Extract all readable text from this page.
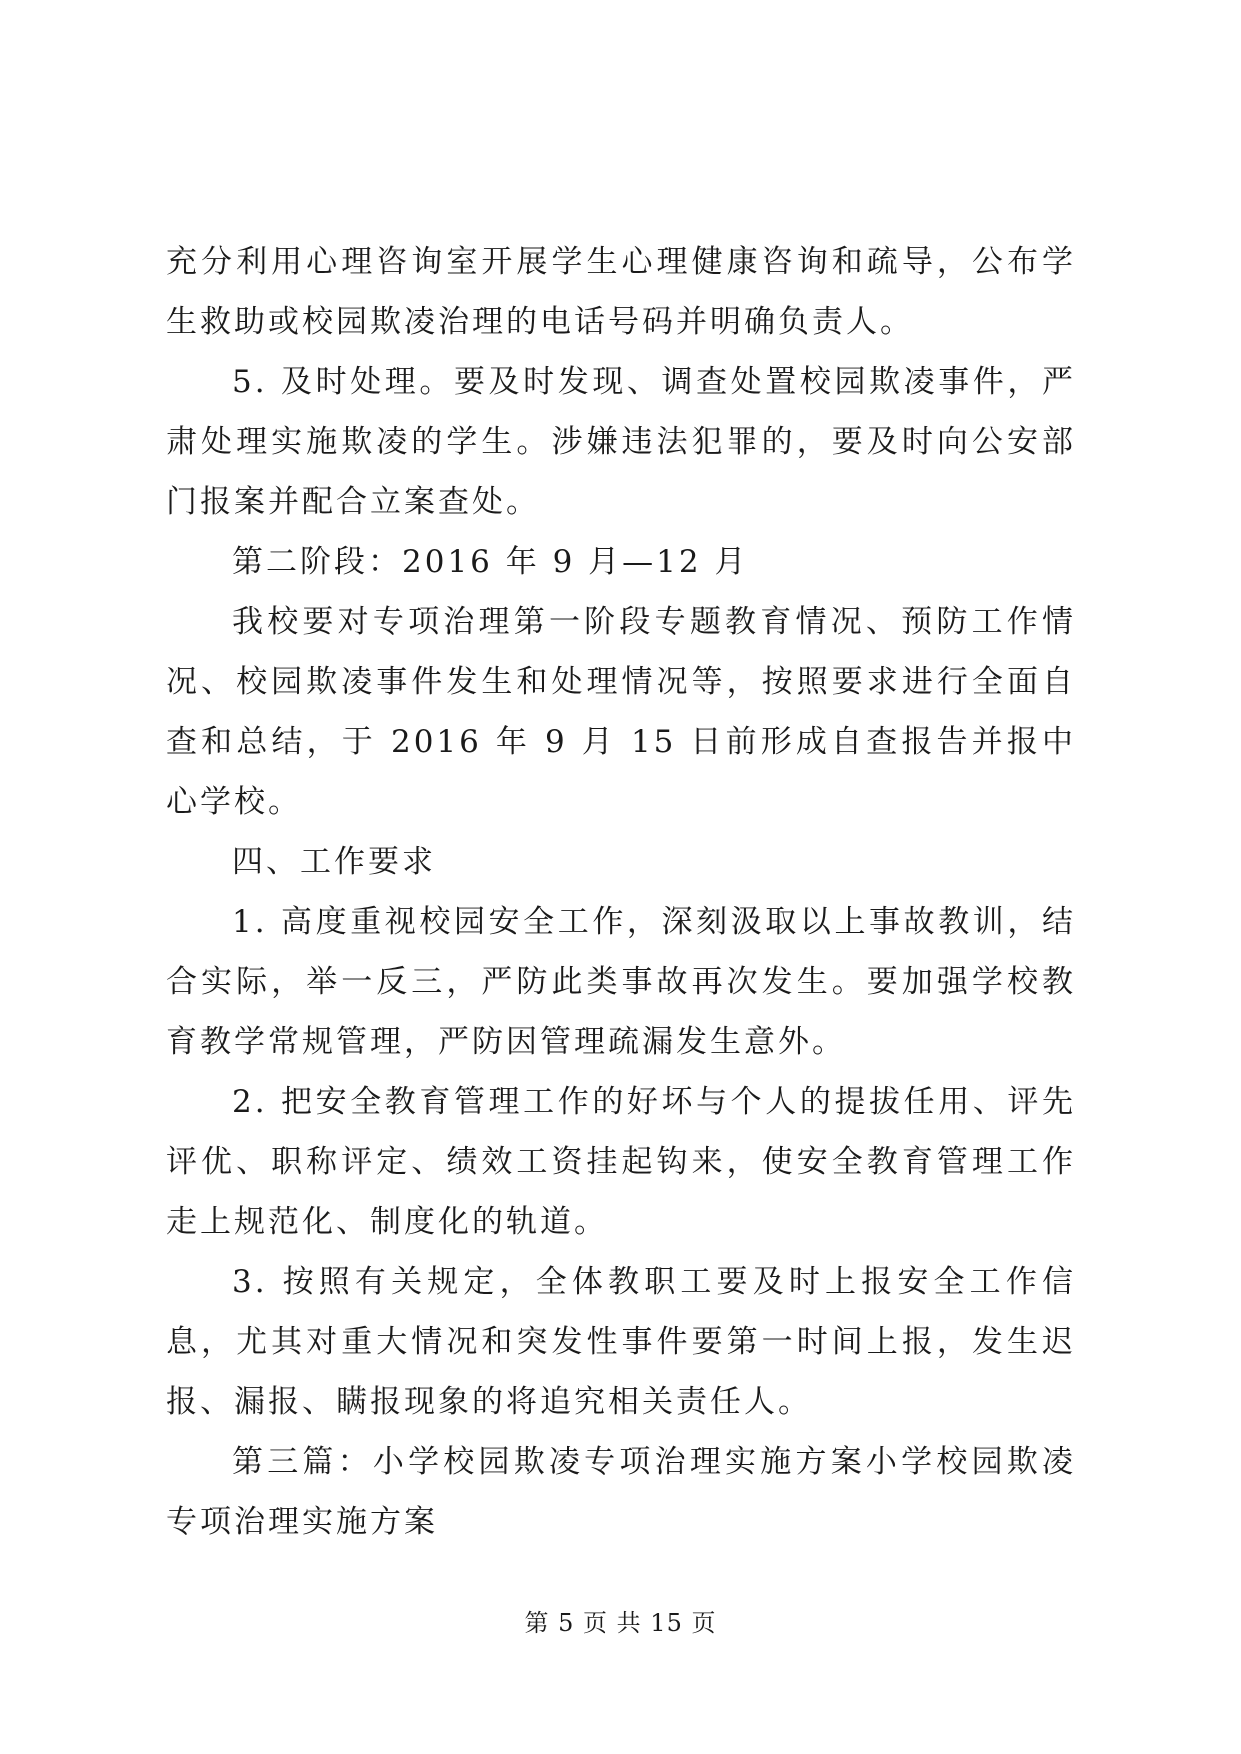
充分利用心理咨询室开展学生心理健康咨询和疏导，公布学生救助或校园欺凌治理的电话号码并明确负责人。

5. 及时处理。要及时发现、调查处置校园欺凌事件，严肃处理实施欺凌的学生。涉嫌违法犯罪的，要及时向公安部门报案并配合立案查处。

第二阶段：2016 年 9 月—12 月

我校要对专项治理第一阶段专题教育情况、预防工作情况、校园欺凌事件发生和处理情况等，按照要求进行全面自查和总结，于 2016 年 9 月 15 日前形成自查报告并报中心学校。

四、工作要求

1. 高度重视校园安全工作，深刻汲取以上事故教训，结合实际，举一反三，严防此类事故再次发生。要加强学校教育教学常规管理，严防因管理疏漏发生意外。

2. 把安全教育管理工作的好坏与个人的提拔任用、评先评优、职称评定、绩效工资挂起钩来，使安全教育管理工作走上规范化、制度化的轨道。

3. 按照有关规定，全体教职工要及时上报安全工作信息，尤其对重大情况和突发性事件要第一时间上报，发生迟报、漏报、瞒报现象的将追究相关责任人。

第三篇：小学校园欺凌专项治理实施方案小学校园欺凌专项治理实施方案

第 5 页 共 15 页
